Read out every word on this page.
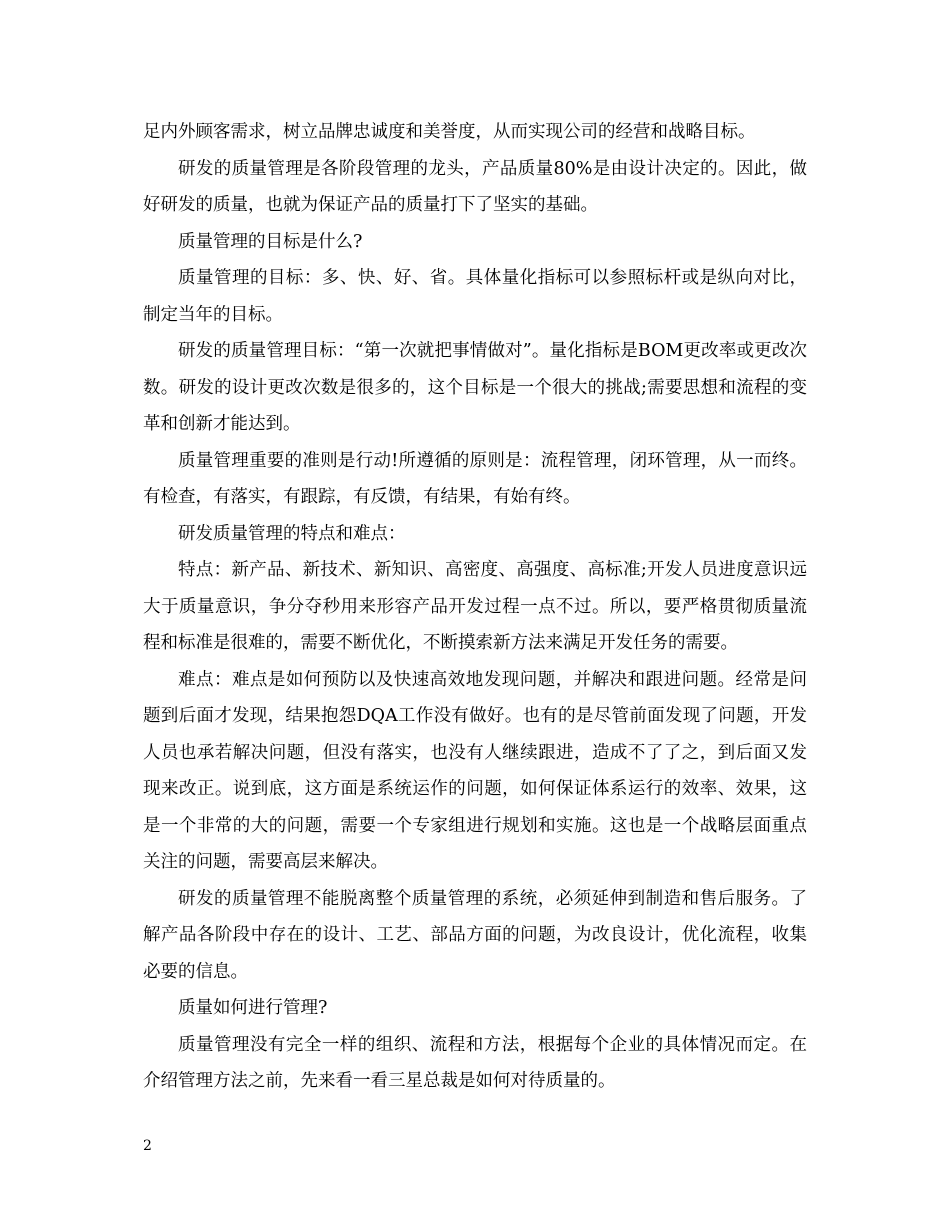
足内外顾客需求，树立品牌忠诚度和美誉度，从而实现公司的经营和战略目标。

研发的质量管理是各阶段管理的龙头，产品质量80%是由设计决定的。因此，做好研发的质量，也就为保证产品的质量打下了坚实的基础。

质量管理的目标是什么?

质量管理的目标：多、快、好、省。具体量化指标可以参照标杆或是纵向对比，制定当年的目标。

研发的质量管理目标：“第一次就把事情做对”。量化指标是BOM更改率或更改次数。研发的设计更改次数是很多的，这个目标是一个很大的挑战;需要思想和流程的变革和创新才能达到。

质量管理重要的准则是行动!所遵循的原则是：流程管理，闭环管理，从一而终。有检查，有落实，有跟踪，有反馈，有结果，有始有终。

研发质量管理的特点和难点：

特点：新产品、新技术、新知识、高密度、高强度、高标准;开发人员进度意识远大于质量意识，争分夺秒用来形容产品开发过程一点不过。所以，要严格贯彻质量流程和标准是很难的，需要不断优化，不断摸索新方法来满足开发任务的需要。

难点：难点是如何预防以及快速高效地发现问题，并解决和跟进问题。经常是问题到后面才发现，结果抱怨DQA工作没有做好。也有的是尽管前面发现了问题，开发人员也承若解决问题，但没有落实，也没有人继续跟进，造成不了了之，到后面又发现来改正。说到底，这方面是系统运作的问题，如何保证体系运行的效率、效果，这是一个非常的大的问题，需要一个专家组进行规划和实施。这也是一个战略层面重点关注的问题，需要高层来解决。

研发的质量管理不能脱离整个质量管理的系统，必须延伸到制造和售后服务。了解产品各阶段中存在的设计、工艺、部品方面的问题，为改良设计，优化流程，收集必要的信息。

质量如何进行管理?

质量管理没有完全一样的组织、流程和方法，根据每个企业的具体情况而定。在介绍管理方法之前，先来看一看三星总裁是如何对待质量的。

2
